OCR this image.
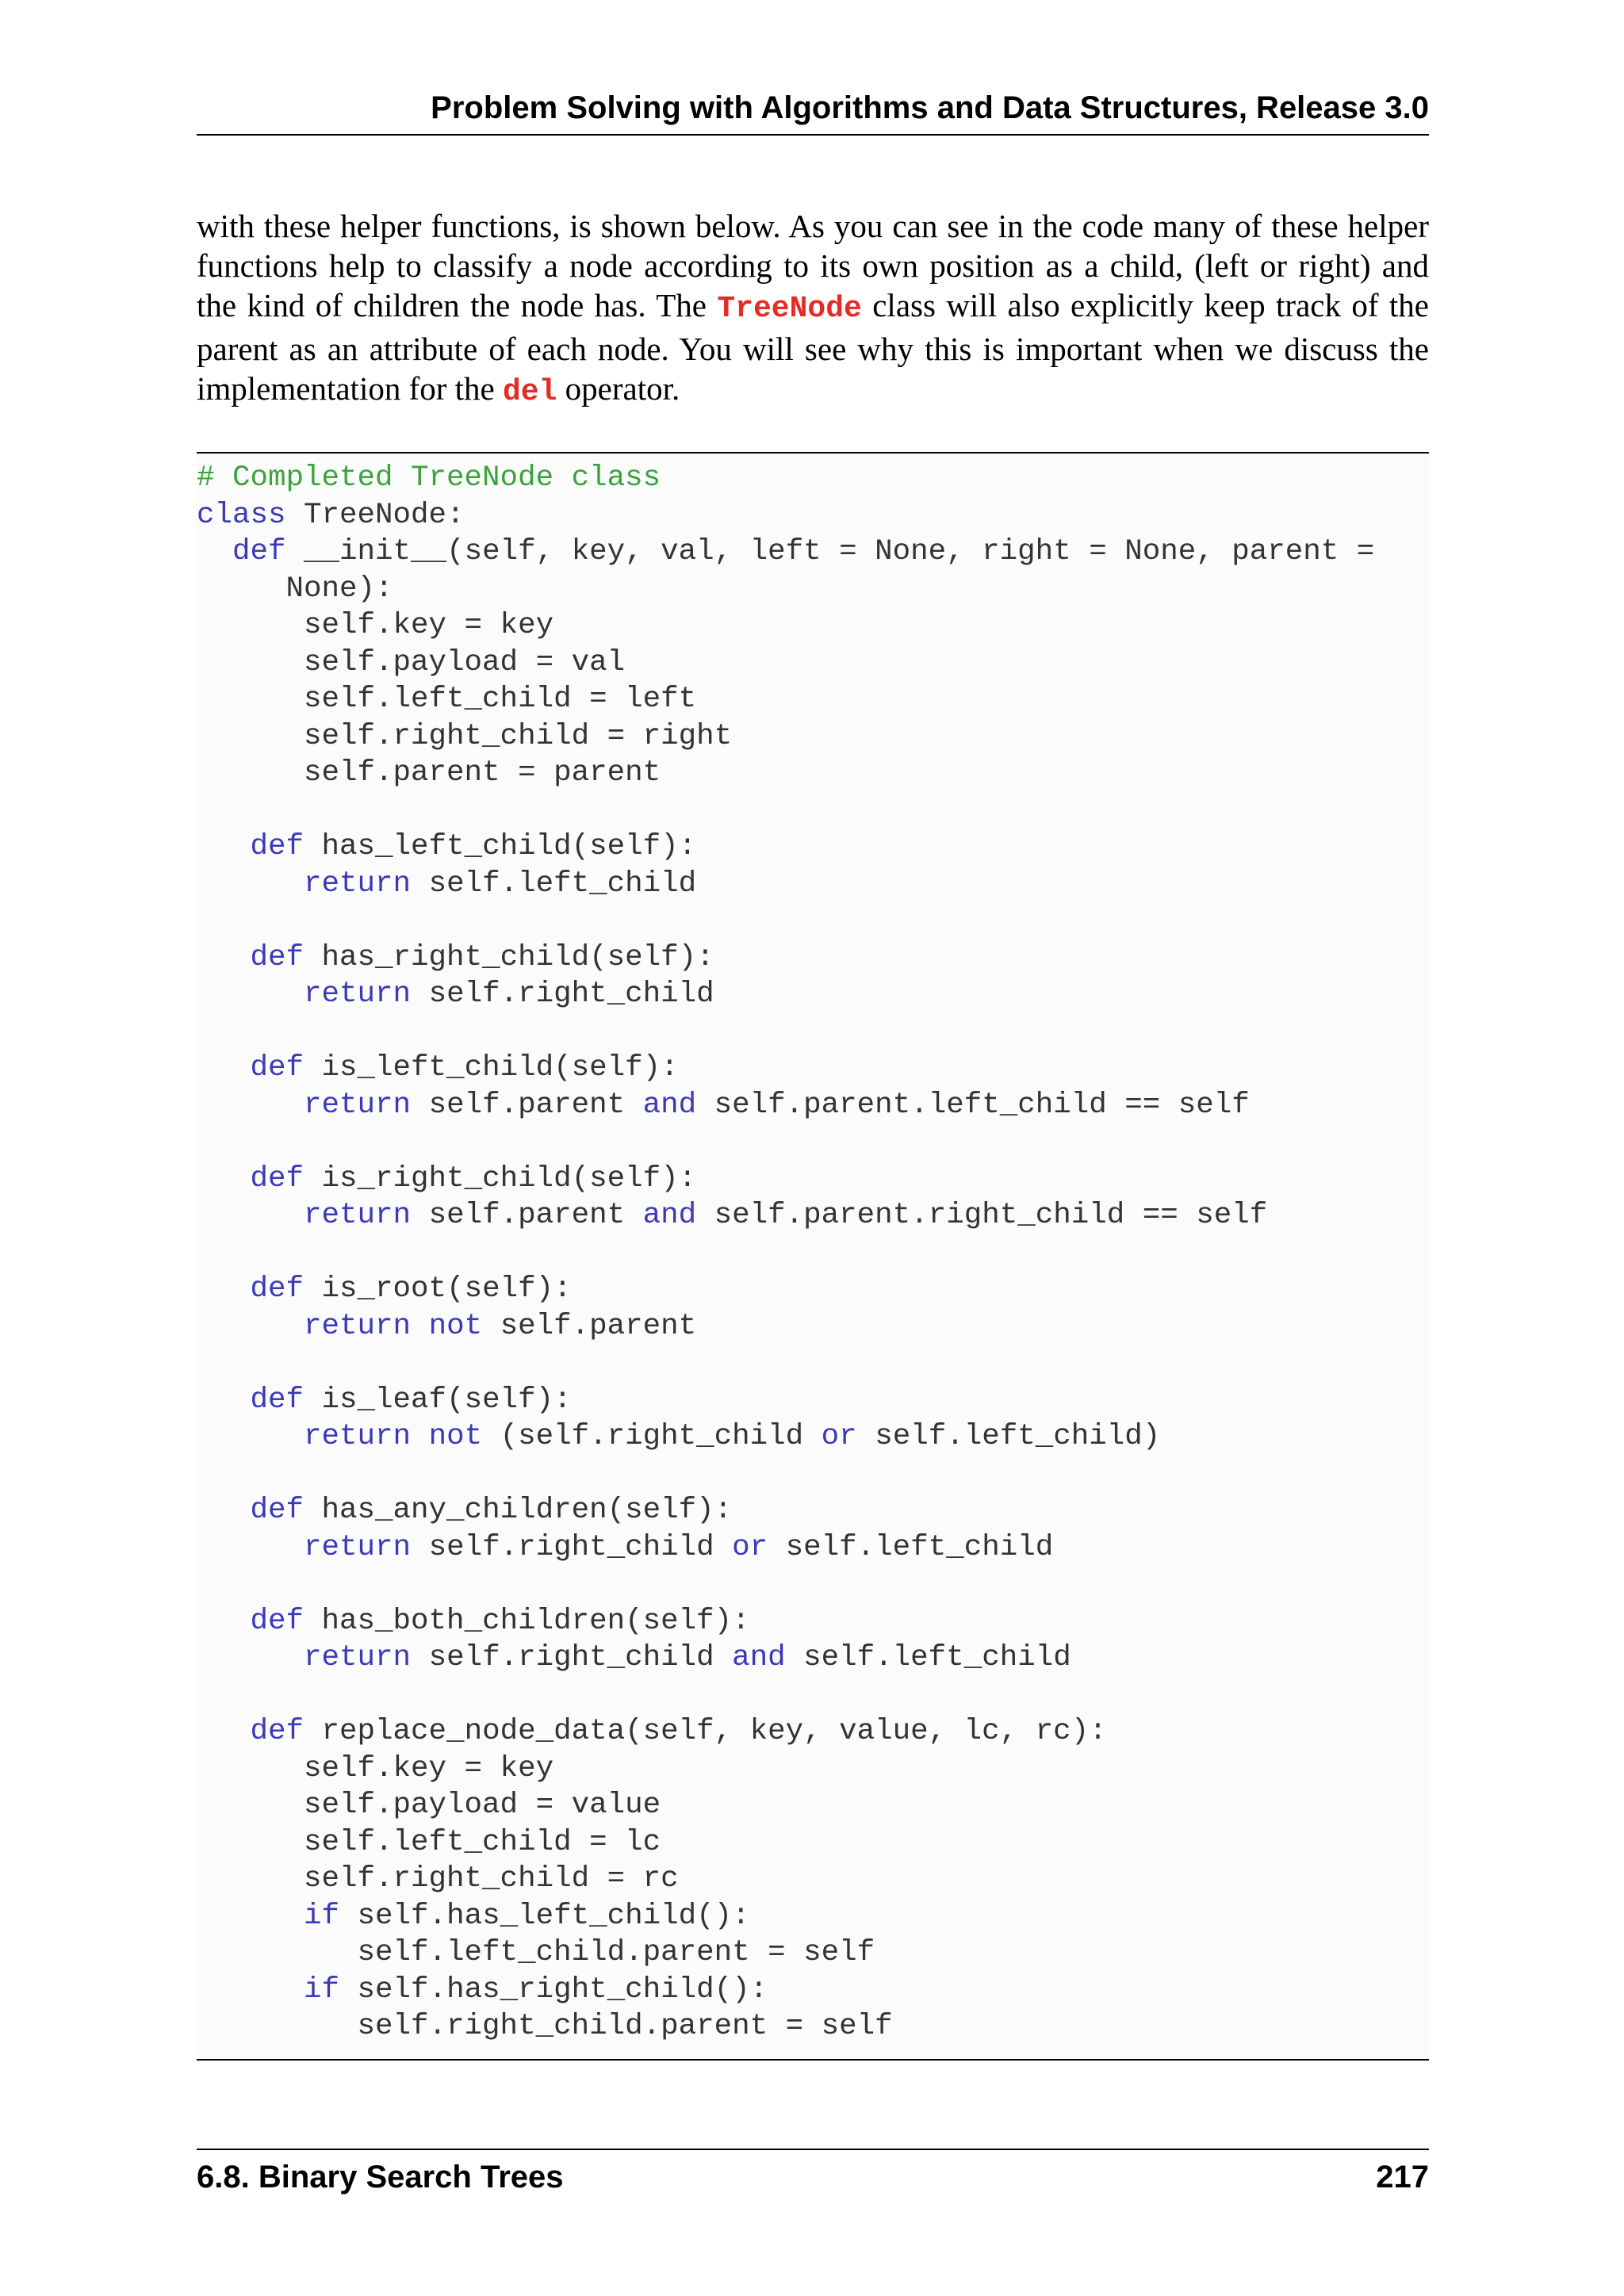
Problem Solving with Algorithms and Data Structures, Release 3.0
with these helper functions, is shown below. As you can see in the code many of these helper
functions help to classify a node according to its own position as a child, (left or right) and
the kind of children the node has. The TreeNode class will also explicitly keep track of the
parent as an attribute of each node. You will see why this is important when we discuss the
implementation for the del operator.
# Completed TreeNode class
class TreeNode:
def __init__(self, key, val, left = None, right = None, parent =
None):
self.key = key
self.payload = val
self.left_child = left
self.right_child = right
self.parent = parent
def has_left_child(self):
return self.left_child
def has_right_child(self):
return self.right_child
def is_left_child(self):
return self.parent and self.parent.left_child == self
def is_right_child(self):
return self.parent and self.parent.right_child == self
def is_root(self):
return not self.parent
def is_leaf(self):
return not (self.right_child or self.left_child)
def has_any_children(self):
return self.right_child or self.left_child
def has_both_children(self):
return self.right_child and self.left_child
def replace_node_data(self, key, value, lc, rc):
self.key = key
self.payload = value
self.left_child = lc
self.right_child = rc
if self.has_left_child():
self.left_child.parent = self
if self.has_right_child():
self.right_child.parent = self
6.8. Binary Search Trees	217
